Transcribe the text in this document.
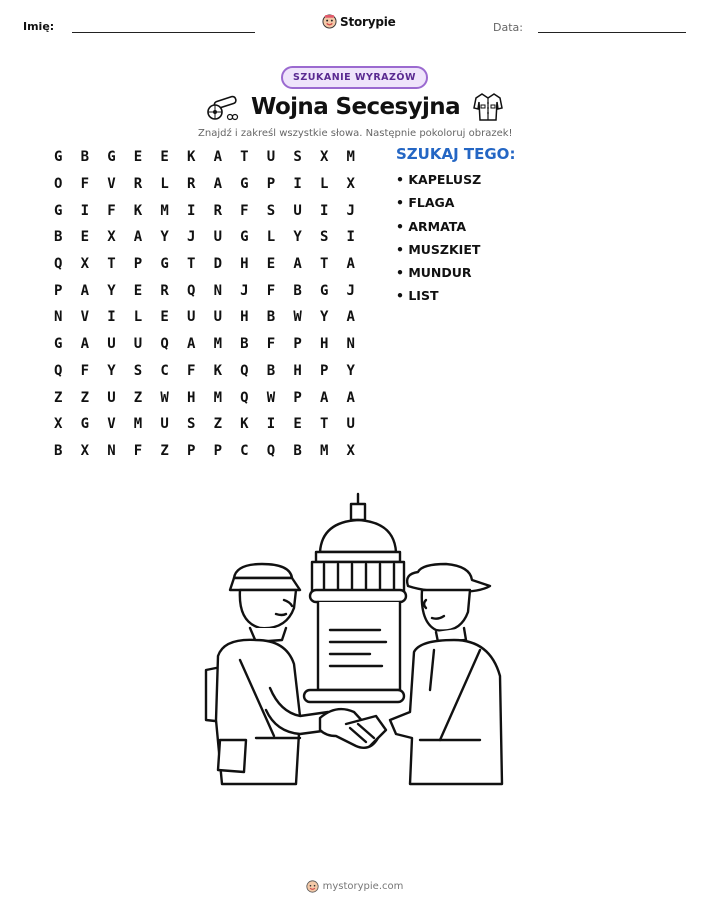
Imię:	Storypie	Data:
SZUKANIE WYRAZÓW
Wojna Secesyjna
Znajdź i zakreśl wszystkie słowa. Następnie pokoloruj obrazek!
G	B	G	E	E	K	A	T	U	S	X	M
O	F	V	R	L	R	A	G	P	I	L	X
G	I	F	K	M	I	R	F	S	U	I	J
B	E	X	A	Y	J	U	G	L	Y	S	I
Q	X	T	P	G	T	D	H	E	A	T	A
P	A	Y	E	R	Q	N	J	F	B	G	J
N	V	I	L	E	U	U	H	B	W	Y	A
G	A	U	U	Q	A	M	B	F	P	H	N
Q	F	Y	S	C	F	K	Q	B	H	P	Y
Z	Z	U	Z	W	H	M	Q	W	P	A	A
X	G	V	M	U	S	Z	K	I	E	T	U
B	X	N	F	Z	P	P	C	Q	B	M	X
SZUKAJ TEGO:
• KAPELUSZ
• FLAGA
• ARMATA
• MUSZKIET
• MUNDUR
• LIST
mystorypie.com
